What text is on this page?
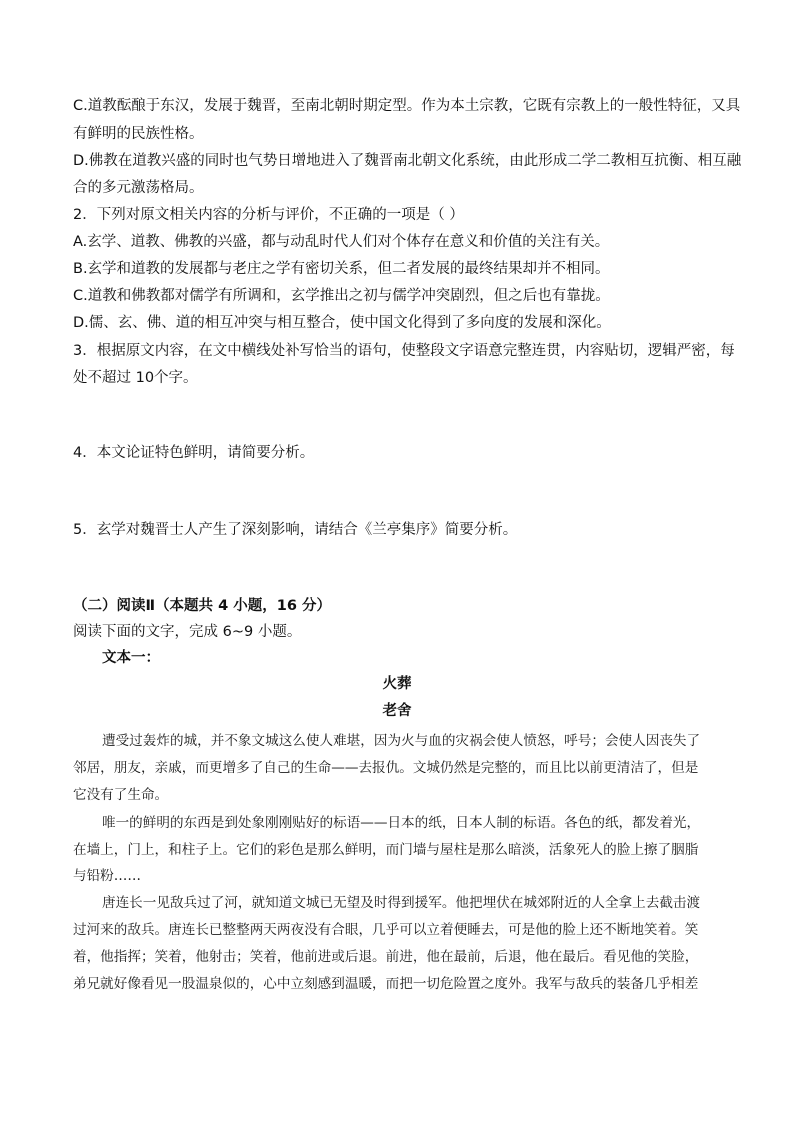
C.道教酝酿于东汉，发展于魏晋，至南北朝时期定型。作为本土宗教，它既有宗教上的一般性特征，又具
有鲜明的民族性格。
D.佛教在道教兴盛的同时也气势日增地进入了魏晋南北朝文化系统，由此形成二学二教相互抗衡、相互融
合的多元激荡格局。
2．下列对原文相关内容的分析与评价，不正确的一项是（ ）
A.玄学、道教、佛教的兴盛，都与动乱时代人们对个体存在意义和价值的关注有关。
B.玄学和道教的发展都与老庄之学有密切关系，但二者发展的最终结果却并不相同。
C.道教和佛教都对儒学有所调和，玄学推出之初与儒学冲突剧烈，但之后也有靠拢。
D.儒、玄、佛、道的相互冲突与相互整合，使中国文化得到了多向度的发展和深化。
3．根据原文内容，在文中横线处补写恰当的语句，使整段文字语意完整连贯，内容贴切，逻辑严密，每
处不超过 10个字。
4．本文论证特色鲜明，请简要分析。
5．玄学对魏晋士人产生了深刻影响，请结合《兰亭集序》简要分析。
（二）阅读Ⅱ（本题共 4 小题，16 分）
阅读下面的文字，完成 6~9 小题。
文本一：
火葬
老舍
遭受过轰炸的城，并不象文城这么使人难堪，因为火与血的灾祸会使人愤怒，呼号；会使人因丧失了
邻居，朋友，亲戚，而更增多了自己的生命——去报仇。文城仍然是完整的，而且比以前更清洁了，但是
它没有了生命。
唯一的鲜明的东西是到处象刚刚贴好的标语——日本的纸，日本人制的标语。各色的纸，都发着光，
在墙上，门上，和柱子上。它们的彩色是那么鲜明，而门墙与屋柱是那么暗淡，活象死人的脸上擦了胭脂
与铅粉……
唐连长一见敌兵过了河，就知道文城已无望及时得到援军。他把埋伏在城郊附近的人全拿上去截击渡
过河来的敌兵。唐连长已整整两天两夜没有合眼，几乎可以立着便睡去，可是他的脸上还不断地笑着。笑
着，他指挥；笑着，他射击；笑着，他前进或后退。前进，他在最前，后退，他在最后。看见他的笑脸，
弟兄就好像看见一股温泉似的，心中立刻感到温暖，而把一切危险置之度外。我军与敌兵的装备几乎相差
